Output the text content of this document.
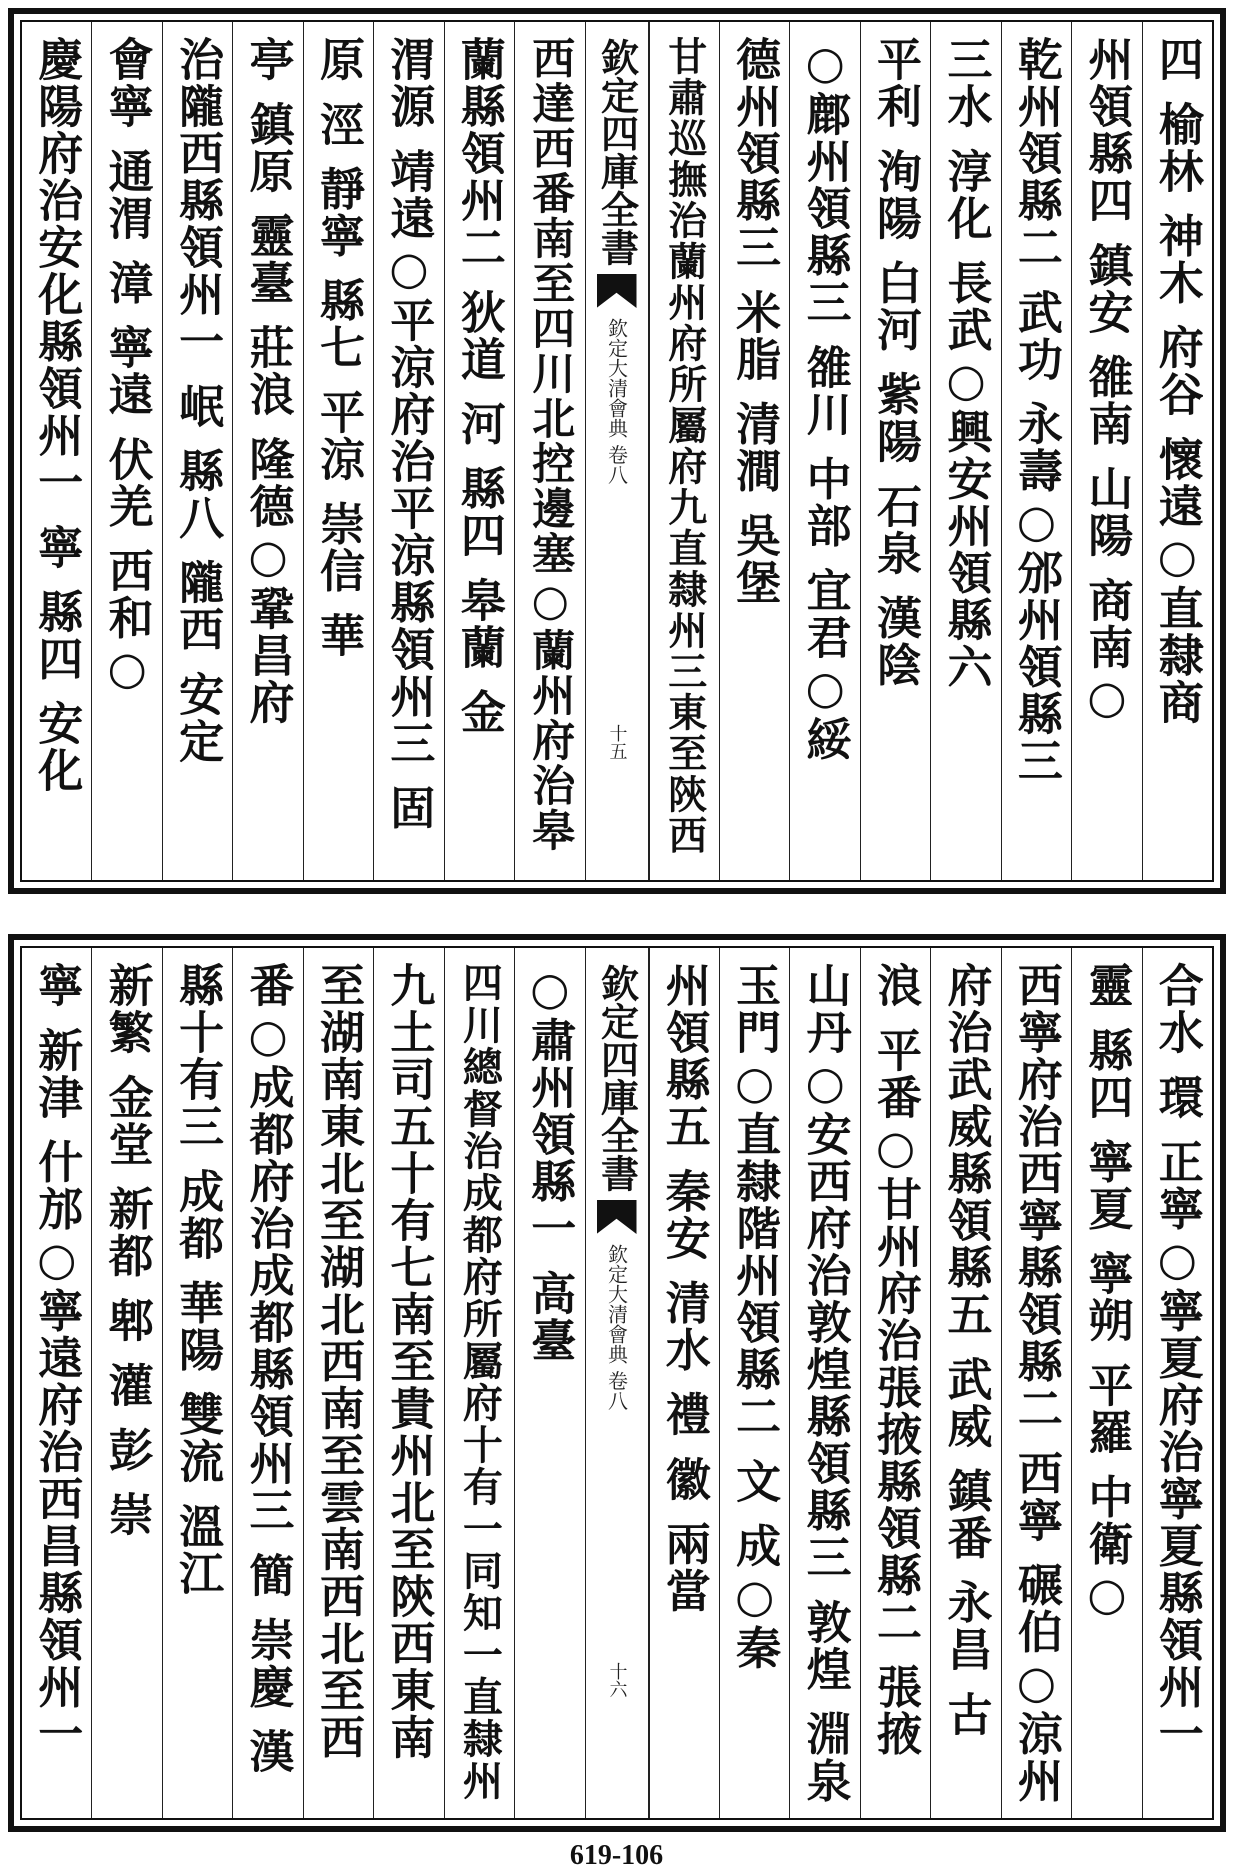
四 榆林 神木 府谷 懷遠○直隸商
州領縣四 鎮安 雒南 山陽 商南○
乾州領縣二 武功 永壽○邠州領縣三
三水 淳化 長武○興安州領縣六
平利 洵陽 白河 紫陽 石泉 漢陰
○鄜州領縣三 雒川 中部 宜君○綏
德州領縣三 米脂 清澗 吳堡
甘肅巡撫治蘭州府所屬府九直隸州三東至陝西
欽定四庫全書
欽定大清會典 卷八
十五
西達西番南至四川北控邊塞○蘭州府治皋
蘭縣領州二 狄道 河 縣四 皋蘭 金
渭源 靖遠○平涼府治平涼縣領州三 固
原 涇 靜寧 縣七 平涼 崇信 華
亭 鎮原 靈臺 莊浪 隆德○鞏昌府
治隴西縣領州一 岷 縣八 隴西 安定
會寧 通渭 漳 寧遠 伏羌 西和○
慶陽府治安化縣領州一 寧 縣四 安化
合水 環 正寧○寧夏府治寧夏縣領州一
靈 縣四 寧夏 寧朔 平羅 中衛○
西寧府治西寧縣領縣二 西寧 碾伯○涼州
府治武威縣領縣五 武威 鎮番 永昌 古
浪 平番○甘州府治張掖縣領縣二 張掖
山丹○安西府治敦煌縣領縣三 敦煌 淵泉
玉門○直隸階州領縣二 文 成○秦
州領縣五 秦安 清水 禮 徽 兩當
欽定四庫全書
欽定大清會典 卷八
十六
○肅州領縣一 高臺
四川總督治成都府所屬府十有一同知一直隸州
九土司五十有七南至貴州北至陝西東南
至湖南東北至湖北西南至雲南西北至西
番○成都府治成都縣領州三 簡 崇慶 漢
縣十有三 成都 華陽 雙流 溫江
新繁 金堂 新都 郫 灌 彭 崇
寧 新津 什邡○寧遠府治西昌縣領州一
619-106
